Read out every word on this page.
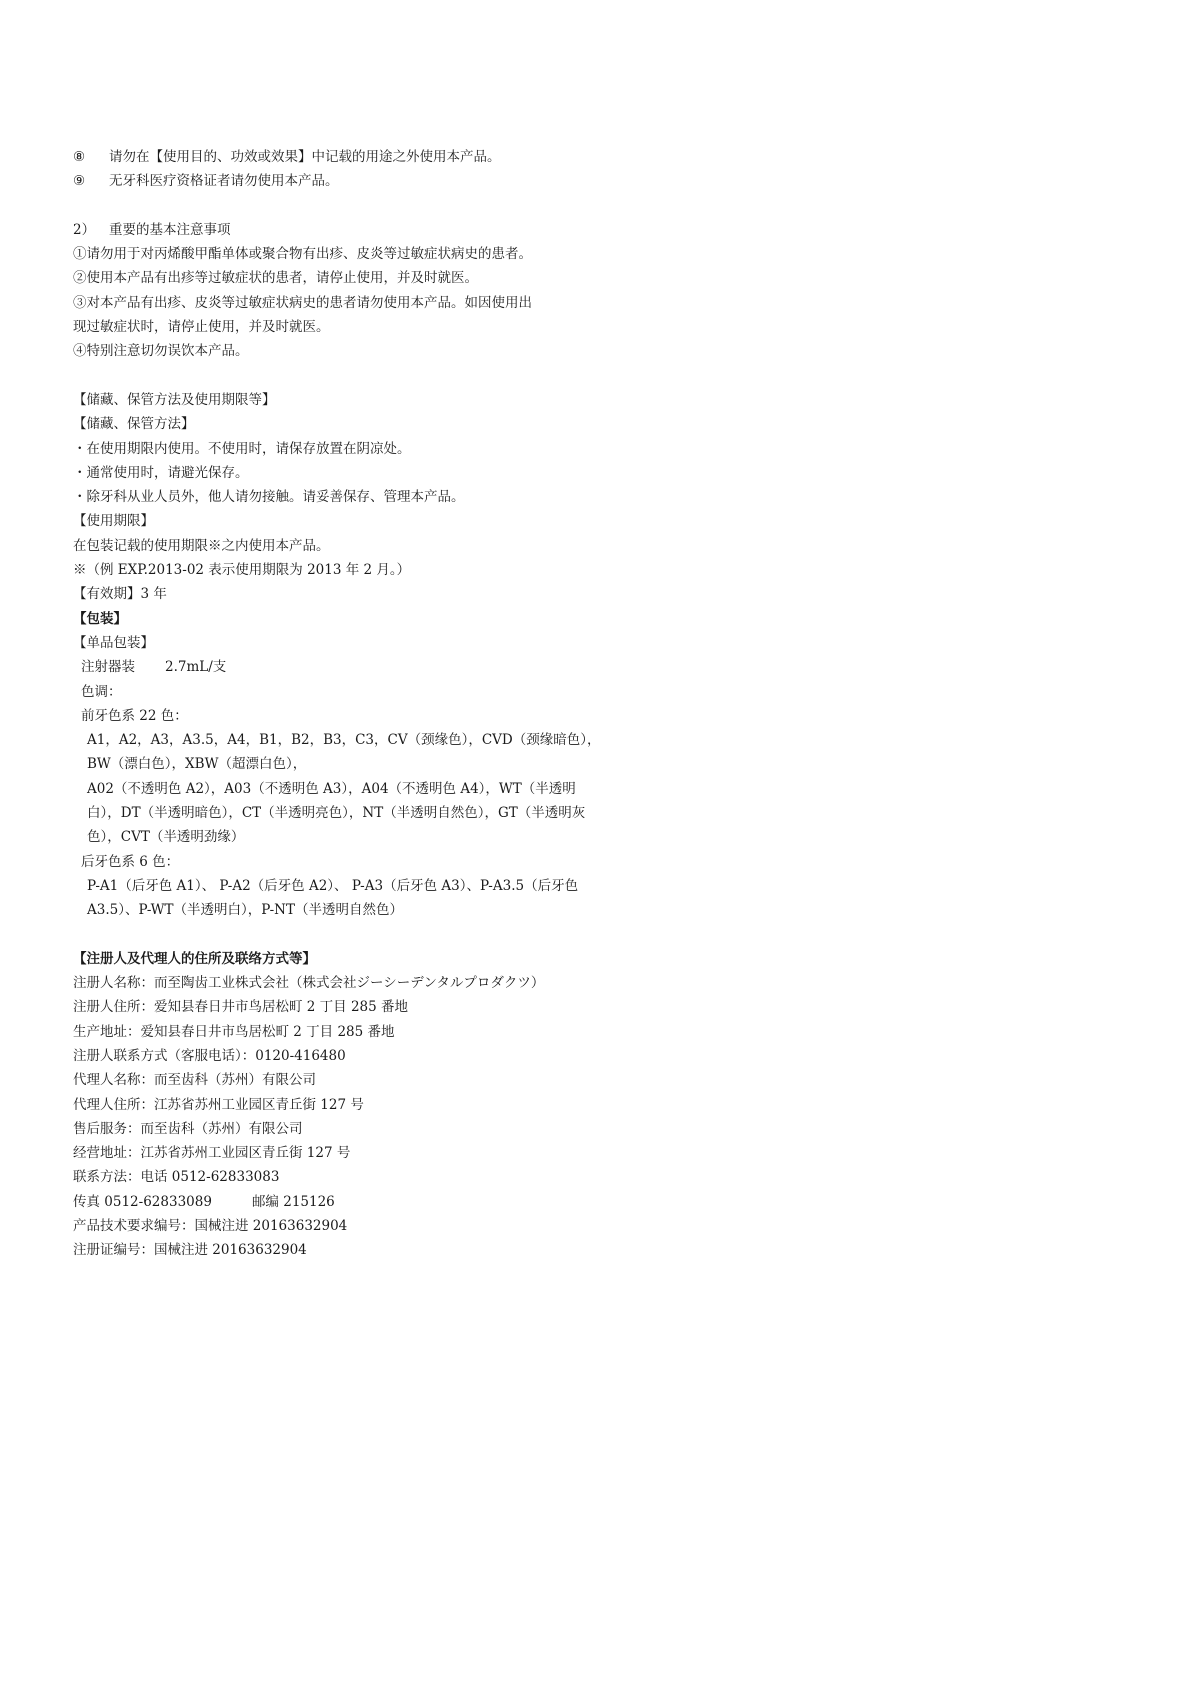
⑧ 请勿在【使用目的、功效或效果】中记载的用途之外使用本产品。
⑨ 无牙科医疗资格证者请勿使用本产品。
2） 重要的基本注意事项
①请勿用于对丙烯酸甲酯单体或聚合物有出疹、皮炎等过敏症状病史的患者。
②使用本产品有出疹等过敏症状的患者，请停止使用，并及时就医。
③对本产品有出疹、皮炎等过敏症状病史的患者请勿使用本产品。如因使用出
现过敏症状时，请停止使用，并及时就医。
④特别注意切勿误饮本产品。
【储藏、保管方法及使用期限等】
【储藏、保管方法】
・在使用期限内使用。不使用时，请保存放置在阴凉处。
・通常使用时，请避光保存。
・除牙科从业人员外，他人请勿接触。请妥善保存、管理本产品。
【使用期限】
在包装记载的使用期限※之内使用本产品。
※（例 EXP.2013-02 表示使用期限为 2013 年 2 月。）
【有效期】3 年
【包装】
【单品包装】
注射器装 2.7mL/支
色调：
前牙色系 22 色：
A1，A2，A3，A3.5，A4，B1，B2，B3，C3，CV（颈缘色），CVD（颈缘暗色），
BW（漂白色），XBW（超漂白色），
A02（不透明色 A2），A03（不透明色 A3），A04（不透明色 A4），WT（半透明
白），DT（半透明暗色），CT（半透明亮色），NT（半透明自然色），GT（半透明灰
色），CVT（半透明劲缘）
后牙色系 6 色：
P-A1（后牙色 A1）、 P-A2（后牙色 A2）、 P-A3（后牙色 A3）、P-A3.5（后牙色
A3.5）、P-WT（半透明白），P-NT（半透明自然色）
【注册人及代理人的住所及联络方式等】
注册人名称：而至陶齿工业株式会社（株式会社ジーシーデンタルプロダクツ）
注册人住所：爱知县春日井市鸟居松町 2 丁目 285 番地
生产地址：爱知县春日井市鸟居松町 2 丁目 285 番地
注册人联系方式（客服电话）：0120-416480
代理人名称：而至齿科（苏州）有限公司
代理人住所：江苏省苏州工业园区青丘街 127 号
售后服务：而至齿科（苏州）有限公司
经营地址：江苏省苏州工业园区青丘街 127 号
联系方法：电话 0512-62833083
传真 0512-62833089	邮编 215126
产品技术要求编号：国械注进 20163632904
注册证编号：国械注进 20163632904
